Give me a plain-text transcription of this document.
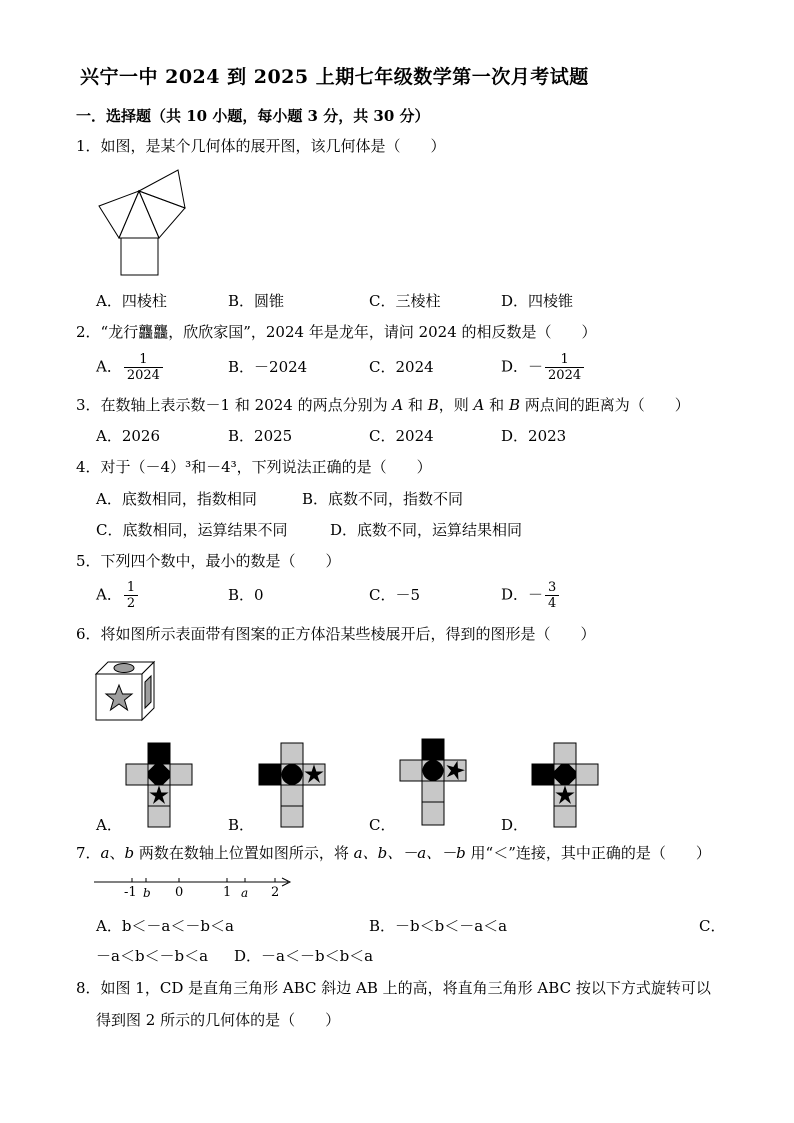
兴宁一中 2024 到 2025 上期七年级数学第一次月考试题
一．选择题（共 10 小题，每小题 3 分，共 30 分）
1．如图，是某个几何体的展开图，该几何体是（　　）
A．四棱柱	B．圆锥	C．三棱柱	D．四棱锥
2．“龙行龘龘，欣欣家国”，2024 年是龙年，请问 2024 的相反数是（　　）
A． $\frac{1}{2024}$	B．－2024	C．2024	D．－ $\frac{1}{2024}$
3．在数轴上表示数－1 和 2024 的两点分别为 A 和 B，则 A 和 B 两点间的距离为（　　）
A．2026	B．2025	C．2024	D．2023
4．对于（－4）³和－4³，下列说法正确的是（　　）
A．底数相同，指数相同	B．底数不同，指数不同
C．底数相同，运算结果不同	D．底数不同，运算结果相同
5．下列四个数中，最小的数是（　　）
A． $\frac{1}{2}$	B．0	C．－5	D．－ $\frac{3}{4}$
6．将如图所示表面带有图案的正方体沿某些棱展开后，得到的图形是（　　）
A．	B．	C．	D．
7．a、b 两数在数轴上位置如图所示，将 a、b、－a、－b 用“＜”连接，其中正确的是（　　）
-1 b 0	1 a 2
A．b＜－a＜－b＜a	B．－b＜b＜－a＜a	C．
－a＜b＜－b＜a D．－a＜－b＜b＜a
8．如图 1，CD 是直角三角形 ABC 斜边 AB 上的高，将直角三角形 ABC 按以下方式旋转可以
得到图 2 所示的几何体的是（　　）
